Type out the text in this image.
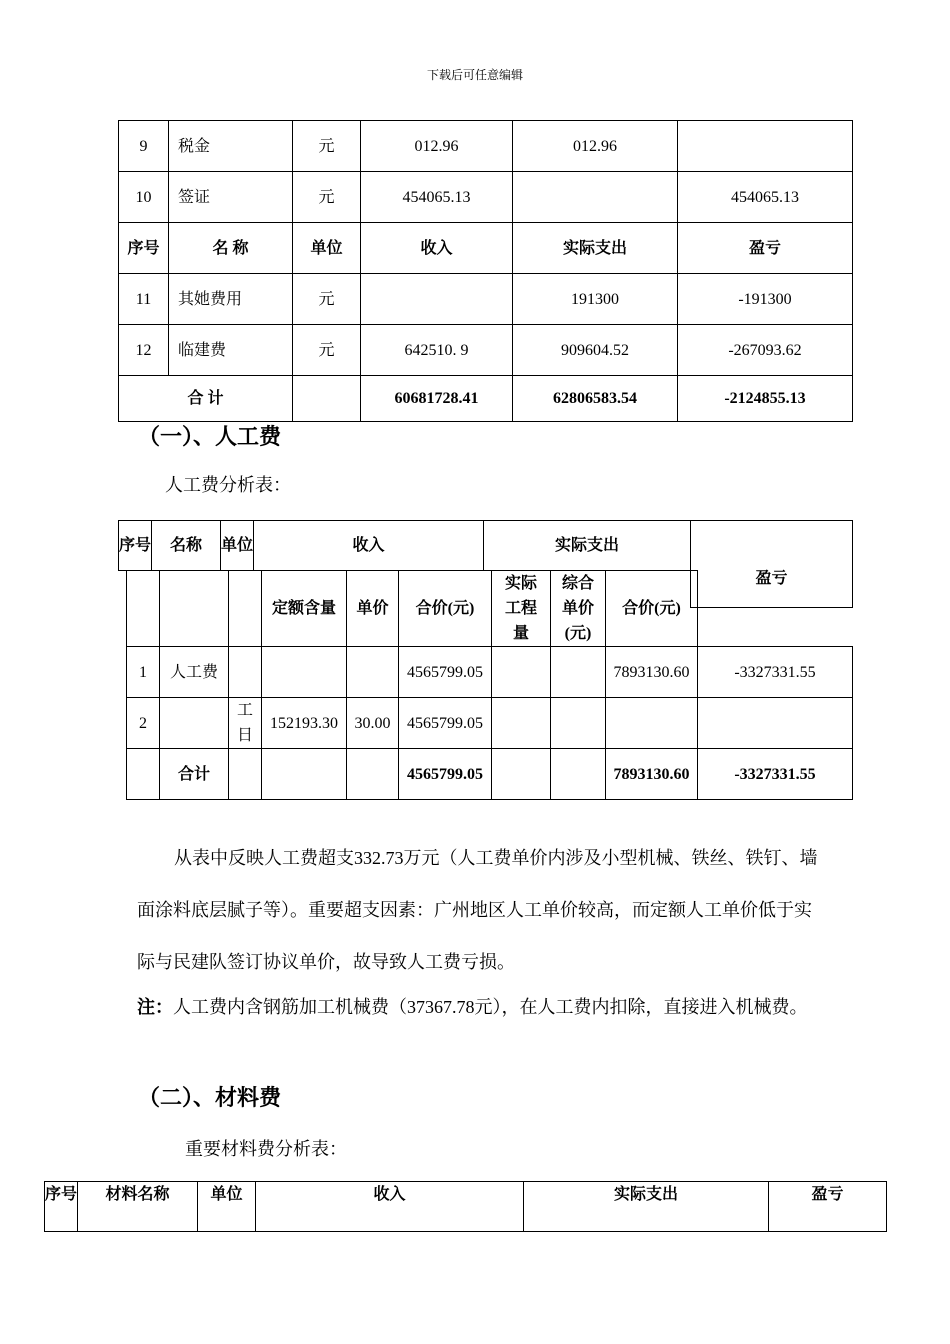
下载后可任意编辑
9	税金	元	012.96	012.96	
10	签证	元	454065.13		454065.13
序号	名 称	单位	收入	实际支出	盈亏
11	其她费用	元		191300	-191300
12	临建费	元	642510. 9	909604.52	-267093.62
合 计			60681728.41	62806583.54	-2124855.13
（一）、人工费
人工费分析表：
序号	名称	单位	收入	实际支出	
					盈亏
			定额含量	单价	合价(元)	实际工程量	综合单价(元)	合价(元)	
1	人工费				4565799.05			7893130.60	-3327331.55
2		工日	152193.30	30.00	4565799.05				
	合计				4565799.05			7893130.60	-3327331.55
从表中反映人工费超支332.73万元（人工费单价内涉及小型机械、铁丝、铁钉、墙面涂料底层腻子等）。重要超支因素：广州地区人工单价较高，而定额人工单价低于实际与民建队签订协议单价，故导致人工费亏损。
注：人工费内含钢筋加工机械费（37367.78元），在人工费内扣除，直接进入机械费。
（二）、材料费
重要材料费分析表：
序号	材料名称	单位	收入	实际支出	盈亏
